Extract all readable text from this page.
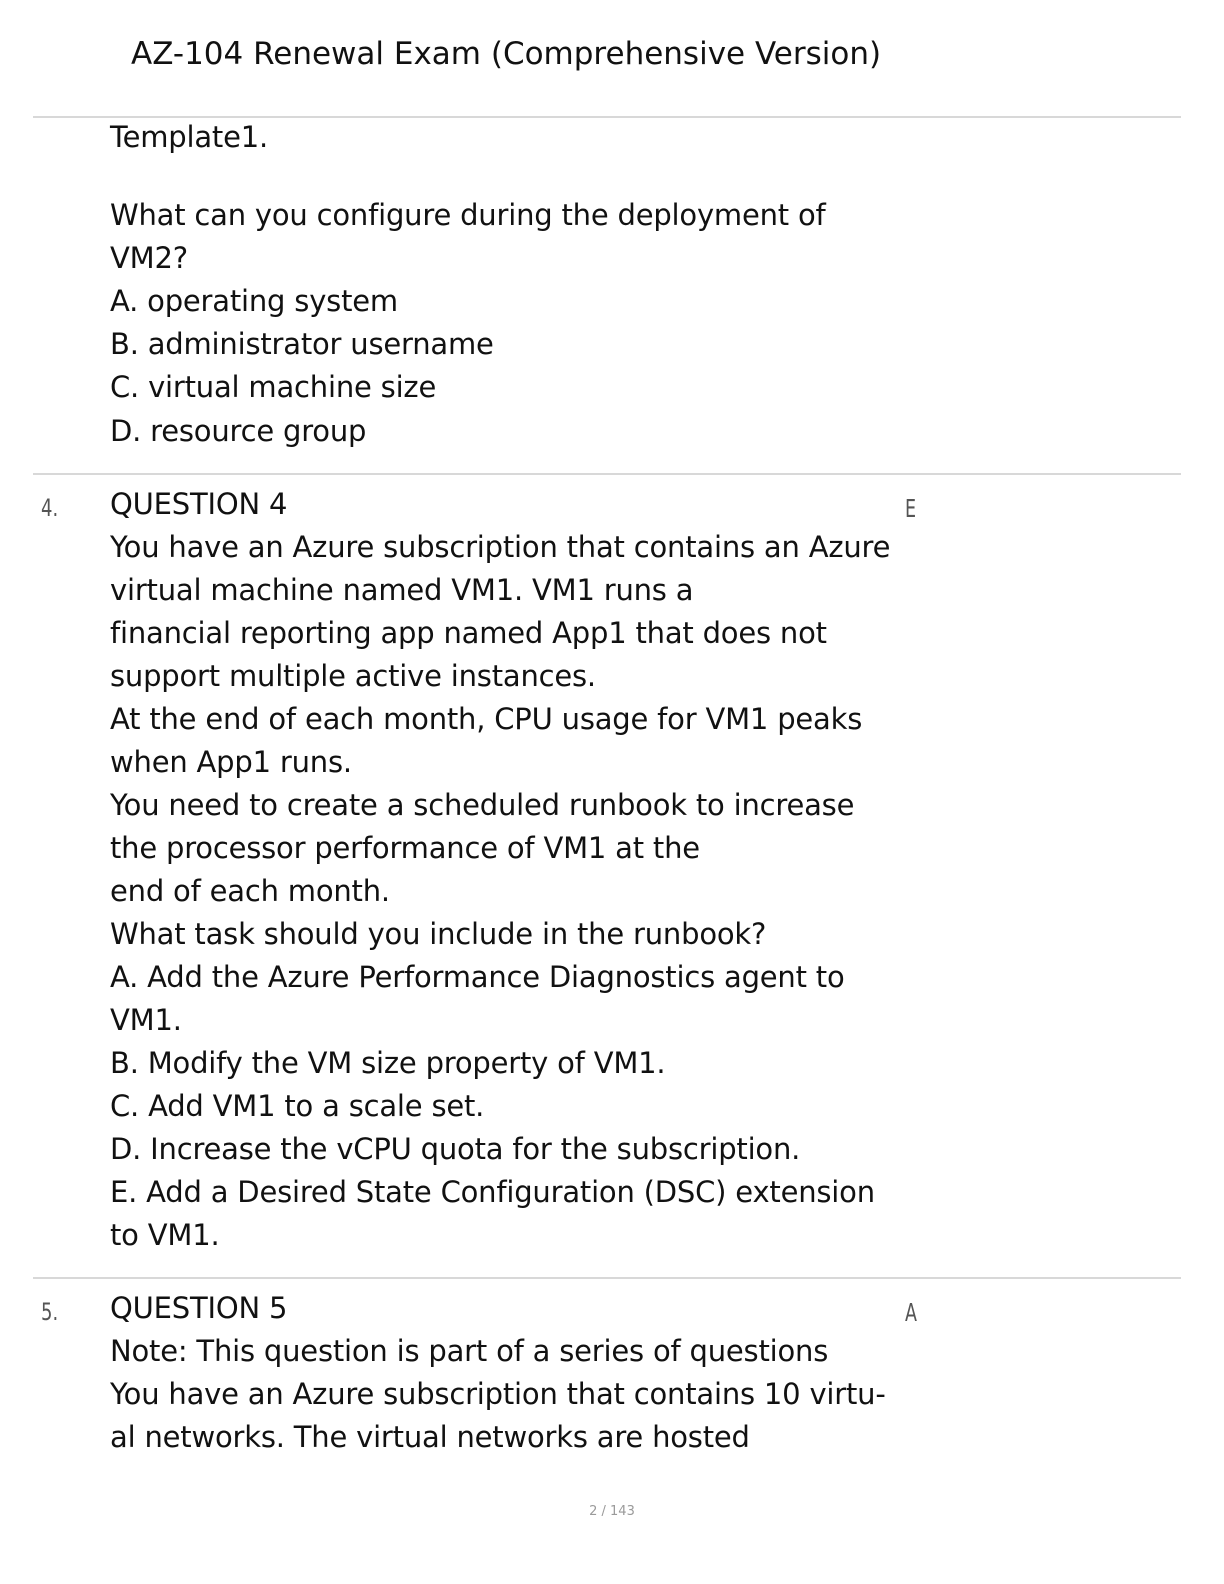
AZ-104 Renewal Exam (Comprehensive Version)
Template1.
What can you configure during the deployment of
VM2?
A. operating system
B. administrator username
C. virtual machine size
D. resource group
4.	E
QUESTION 4
You have an Azure subscription that contains an Azure
virtual machine named VM1. VM1 runs a
financial reporting app named App1 that does not
support multiple active instances.
At the end of each month, CPU usage for VM1 peaks
when App1 runs.
You need to create a scheduled runbook to increase
the processor performance of VM1 at the
end of each month.
What task should you include in the runbook?
A. Add the Azure Performance Diagnostics agent to
VM1.
B. Modify the VM size property of VM1.
C. Add VM1 to a scale set.
D. Increase the vCPU quota for the subscription.
E. Add a Desired State Configuration (DSC) extension
to VM1.
5.	A
QUESTION 5
Note: This question is part of a series of questions
You have an Azure subscription that contains 10 virtu-
al networks. The virtual networks are hosted
2 / 143
